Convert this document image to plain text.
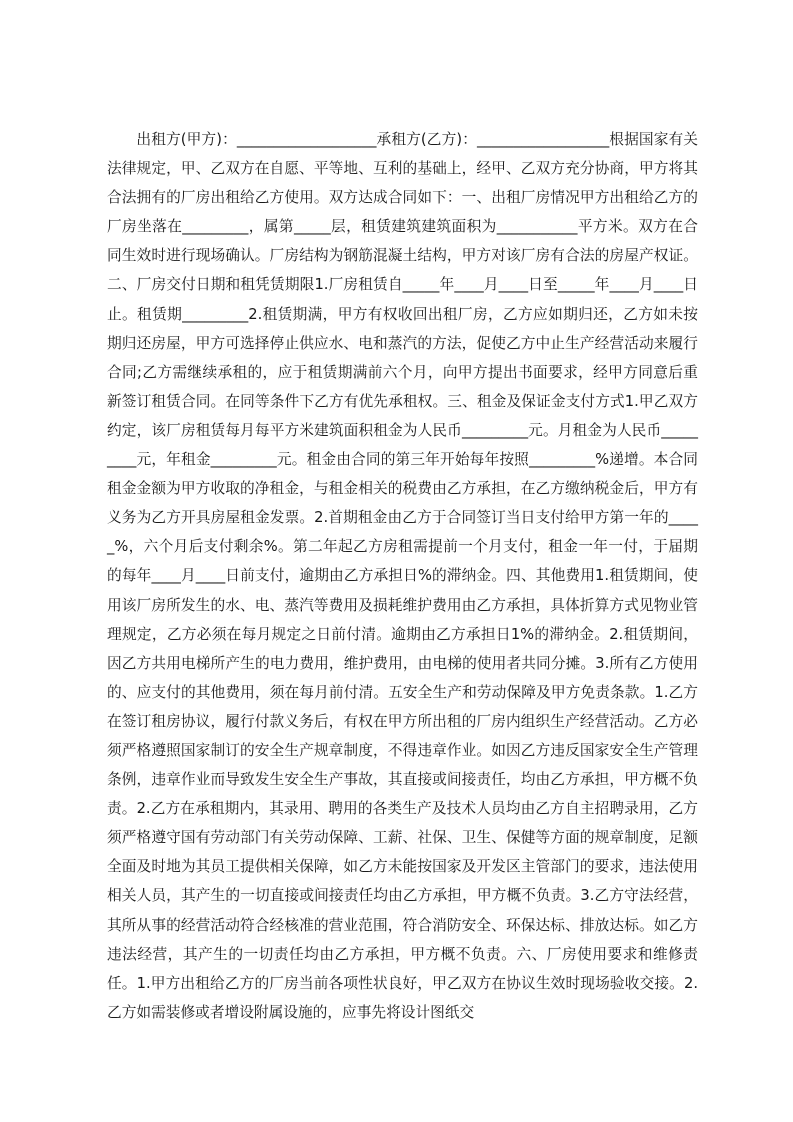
出租方(甲方)：___________________承租方(乙方)：__________________根据国家有关法律规定，甲、乙双方在自愿、平等地、互利的基础上，经甲、乙双方充分协商，甲方将其合法拥有的厂房出租给乙方使用。双方达成合同如下：一、出租厂房情况甲方出租给乙方的厂房坐落在_________，属第_____层，租赁建筑建筑面积为___________平方米。双方在合同生效时进行现场确认。厂房结构为钢筋混凝土结构，甲方对该厂房有合法的房屋产权证。二、厂房交付日期和租凭赁期限1.厂房租赁自_____年____月____日至_____年____月____日止。租赁期_________2.租赁期满，甲方有权收回出租厂房，乙方应如期归还，乙方如未按期归还房屋，甲方可选择停止供应水、电和蒸汽的方法，促使乙方中止生产经营活动来履行合同;乙方需继续承租的，应于租赁期满前六个月，向甲方提出书面要求，经甲方同意后重新签订租赁合同。在同等条件下乙方有优先承租权。三、租金及保证金支付方式1.甲乙双方约定，该厂房租赁每月每平方米建筑面积租金为人民币_________元。月租金为人民币_________元，年租金_________元。租金由合同的第三年开始每年按照_________%递增。本合同租金金额为甲方收取的净租金，与租金相关的税费由乙方承担，在乙方缴纳税金后，甲方有义务为乙方开具房屋租金发票。2.首期租金由乙方于合同签订当日支付给甲方第一年的_____%，六个月后支付剩余%。第二年起乙方房租需提前一个月支付，租金一年一付，于届期的每年____月____日前支付，逾期由乙方承担日%的滞纳金。四、其他费用1.租赁期间，使用该厂房所发生的水、电、蒸汽等费用及损耗维护费用由乙方承担，具体折算方式见物业管理规定，乙方必须在每月规定之日前付清。逾期由乙方承担日1%的滞纳金。2.租赁期间，因乙方共用电梯所产生的电力费用，维护费用，由电梯的使用者共同分摊。3.所有乙方使用的、应支付的其他费用，须在每月前付清。五安全生产和劳动保障及甲方免责条款。1.乙方在签订租房协议，履行付款义务后，有权在甲方所出租的厂房内组织生产经营活动。乙方必须严格遵照国家制订的安全生产规章制度，不得违章作业。如因乙方违反国家安全生产管理条例，违章作业而导致发生安全生产事故，其直接或间接责任，均由乙方承担，甲方概不负责。2.乙方在承租期内，其录用、聘用的各类生产及技术人员均由乙方自主招聘录用，乙方须严格遵守国有劳动部门有关劳动保障、工薪、社保、卫生、保健等方面的规章制度，足额全面及时地为其员工提供相关保障，如乙方未能按国家及开发区主管部门的要求，违法使用相关人员，其产生的一切直接或间接责任均由乙方承担，甲方概不负责。3.乙方守法经营，其所从事的经营活动符合经核准的营业范围，符合消防安全、环保达标、排放达标。如乙方违法经营，其产生的一切责任均由乙方承担，甲方概不负责。六、厂房使用要求和维修责任。1.甲方出租给乙方的厂房当前各项性状良好，甲乙双方在协议生效时现场验收交接。2.乙方如需装修或者增设附属设施的，应事先将设计图纸交
